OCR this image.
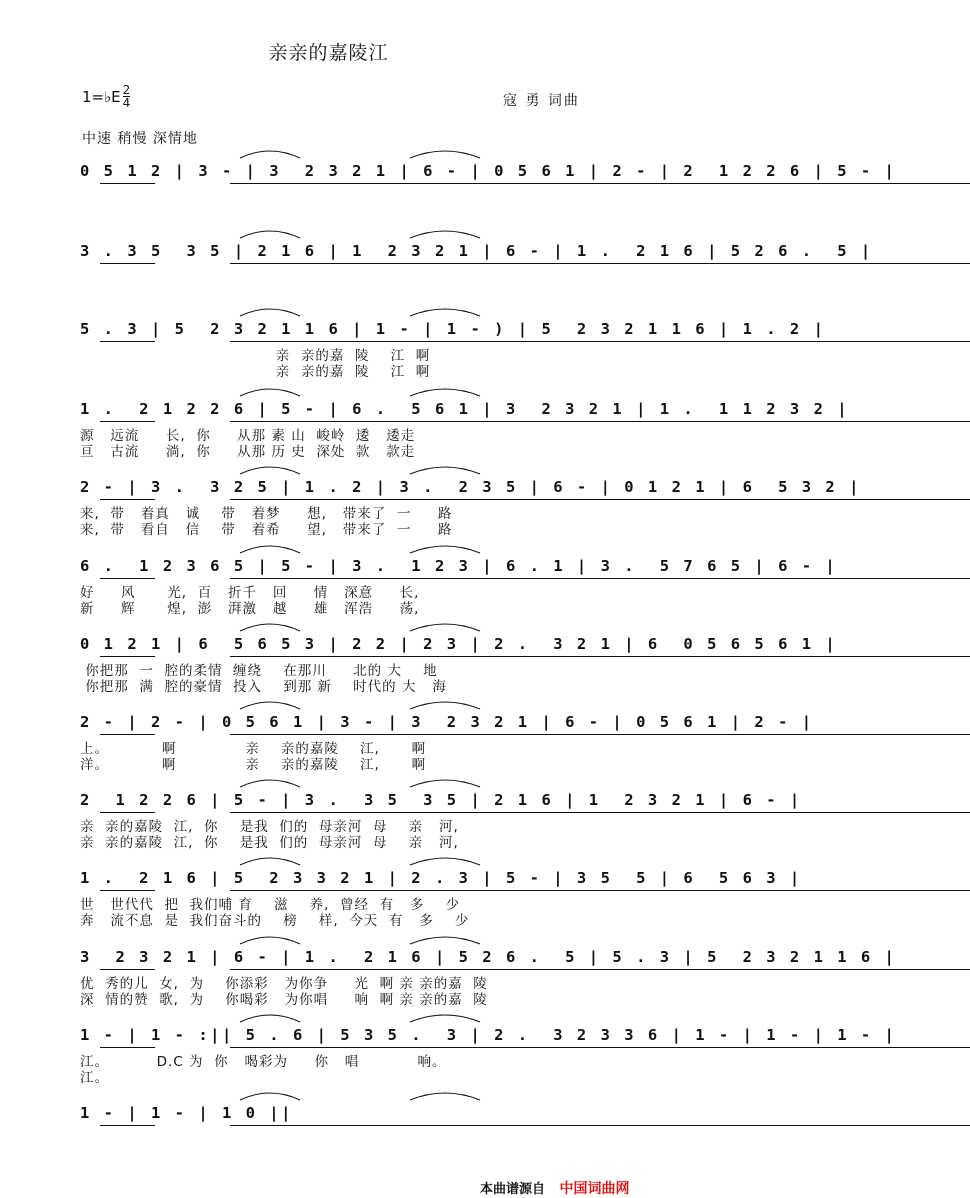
亲亲的嘉陵江
1=♭E $\frac{2}{4}$	寇 勇 词曲
中速 稍慢 深情地
0 5 1 2 | 3 - | 3  2 3 2 1 | 6 - | 0 5 6 1 | 2 - | 2  1 2 2 6 | 5 - |
3 . 3 5  3 5 | 2 1 6 | 1  2 3 2 1 | 6 - | 1 .  2 1 6 | 5 2 6 .  5 |
5 . 3 | 5  2 3 2 1 1 6 | 1 - | 1 - ) | 5  2 3 2 1 1 6 | 1 . 2 |
亲  亲的嘉  陵    江  啊
亲  亲的嘉  陵    江  啊
1 .  2 1 2 2 6 | 5 - | 6 .  5 6 1 | 3  2 3 2 1 | 1 .  1 1 2 3 2 |
源   远流     长,  你     从那 素 山  峻岭  逶   逶走
亘   古流     淌,  你     从那 历 史  深处  款   款走
2 - | 3 .  3 2 5 | 1 . 2 | 3 .  2 3 5 | 6 - | 0 1 2 1 | 6  5 3 2 |
来,  带   着真   诚    带   着梦     想,   带来了  一     路
来,  带   看自   信    带   着希     望,   带来了  一     路
6 .  1 2 3 6 5 | 5 - | 3 .  1 2 3 | 6 . 1 | 3 .  5 7 6 5 | 6 - |
好     风      光,  百   折千   回     情   深意     长,
新     辉      煌,  澎   湃激   越     雄   浑浩     荡,
0 1 2 1 | 6  5 6 5 3 | 2 2 | 2 3 | 2 .  3 2 1 | 6  0 5 6 5 6 1 |
你把那  一  腔的柔情  缠绕    在那川     北的 大    地
你把那  满  腔的豪情  投入    到那 新    时代的 大   海
2 - | 2 - | 0 5 6 1 | 3 - | 3  2 3 2 1 | 6 - | 0 5 6 1 | 2 - |
上。          啊             亲    亲的嘉陵    江,      啊
洋。          啊             亲    亲的嘉陵    江,      啊
2  1 2 2 6 | 5 - | 3 .  3 5  3 5 | 2 1 6 | 1  2 3 2 1 | 6 - |
亲  亲的嘉陵  江,  你    是我  们的  母亲河  母    亲   河,
亲  亲的嘉陵  江,  你    是我  们的  母亲河  母    亲   河,
1 .  2 1 6 | 5  2 3 3 2 1 | 2 . 3 | 5 - | 3 5  5 | 6  5 6 3 |
世   世代代  把  我们哺 育    滋    养,  曾经  有   多    少
奔   流不息  是  我们奋斗的    榜    样,  今天  有   多    少
3  2 3 2 1 | 6 - | 1 .  2 1 6 | 5 2 6 .  5 | 5 . 3 | 5  2 3 2 1 1 6 |
优  秀的儿  女,  为    你添彩   为你争     光  啊 亲 亲的嘉  陵
深  情的赞  歌,  为    你喝彩   为你唱     响  啊 亲 亲的嘉  陵
1 - | 1 - :|| 5 . 6 | 5 3 5 .  3 | 2 .  3 2 3 3 6 | 1 - | 1 - | 1 - |
江。         D.C 为  你   喝彩为     你   唱           响。
江。
1 - | 1 - | 1 0 ||
本曲谱源自 中国词曲网
